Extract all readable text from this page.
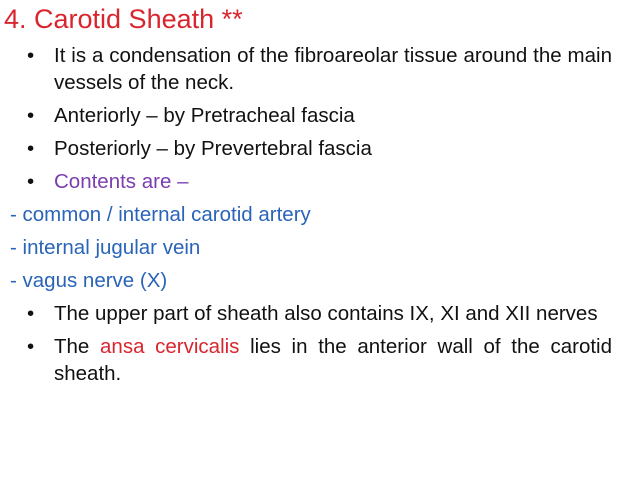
4. Carotid Sheath **
• It is a condensation of the fibroareolar tissue around the main vessels of the neck.
• Anteriorly – by Pretracheal fascia
• Posteriorly – by Prevertebral fascia
• Contents are –
- common / internal carotid artery
- internal jugular vein
- vagus nerve (X)
• The upper part of sheath also contains IX, XI and XII nerves
• The ansa cervicalis lies in the anterior wall of the carotid sheath.
